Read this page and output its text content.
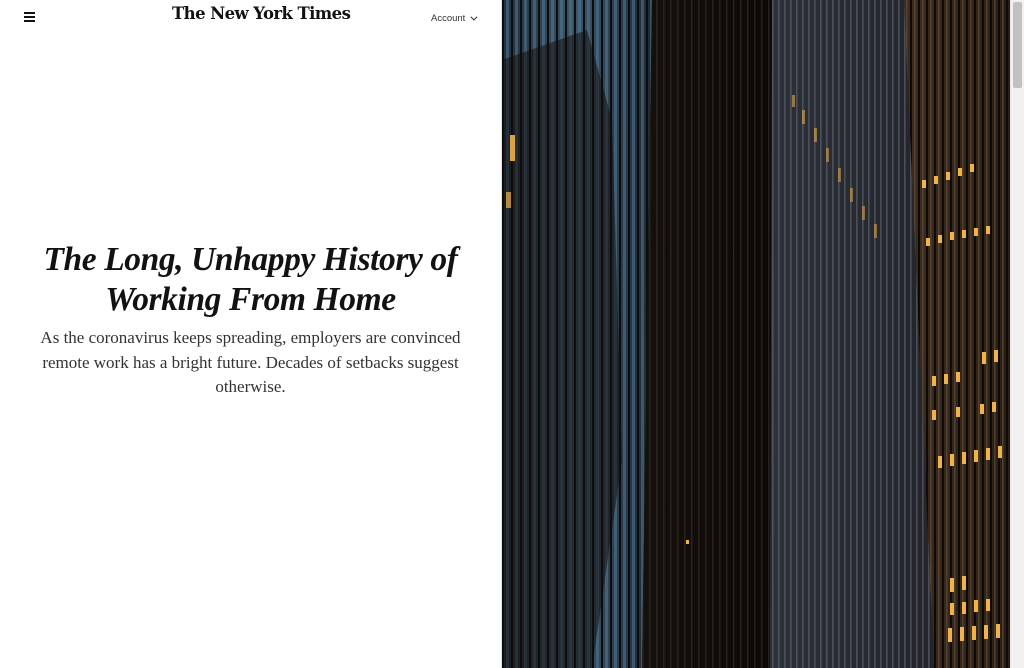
The New York Times	Account
The Long, Unhappy History of Working From Home

As the coronavirus keeps spreading, employers are convinced remote work has a bright future. Decades of setbacks suggest otherwise.
